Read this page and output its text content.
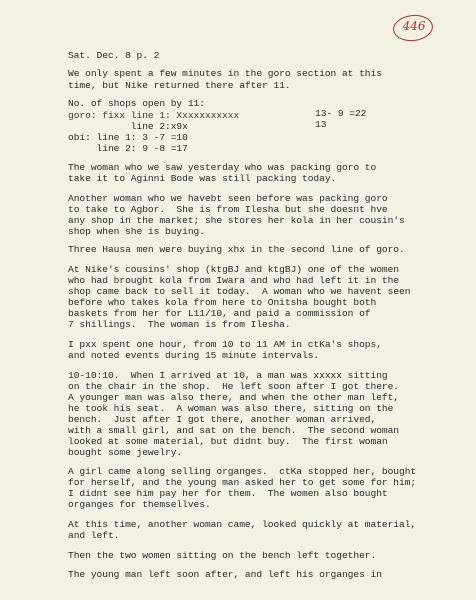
446
Sat. Dec. 8 p. 2
We only spent a few minutes in the goro section at this
time, but Nike returned there after 11.
No. of shops open by 11:
goro: fixx line 1: Xxxxxxxxxxx
line 2:x9x
obi: line 1: 3 -7 =10
line 2: 9 -8 =17
13- 9 =22
13
The woman who we saw yesterday who was packing goro to
take it to Aginni Bode was still packing today.
Another woman who we havebt seen before was packing goro
to take to Agbor.  She is from Ilesha but she doesnt hve
any shop in the market; she stores her kola in her cousin's
shop when she is buying.
Three Hausa men were buying xhx in the second line of goro.
At Nike's cousins' shop (ktgBJ and ktgBJ) one of the women
who had brought kola from Iwara and who had left it in the
shop came back to sell it today.  A woman who we havent seen
before who takes kola from here to Onitsha bought both
baskets from her for L11/10, and paid a commission of
7 shillings.  The woman is from Ilesha.
I pxx spent one hour, from 10 to 11 AM in ctKa's shops,
and noted events during 15 minute intervals.
10-10:10.  When I arrived at 10, a man was xxxxx sitting
on the chair in the shop.  He left soon after I got there.
A younger man was also there, and when the other man left,
he took his seat.  A woman was also there, sitting on the
bench.  Just after I got there, another woman arrived,
with a small girl, and sat on the bench.  The second woman
looked at some material, but didnt buy.  The first woman
bought some jewelry.
A girl came along selling organges.  ctKa stopped her, bought
for herself, and the young man asked her to get some for him;
I didnt see him pay her for them.  The women also bought
organges for themsellves.
At this time, another woman came, looked quickly at material,
and left.
Then the two women sitting on the bench left together.
The young man left soon after, and left his organges in
